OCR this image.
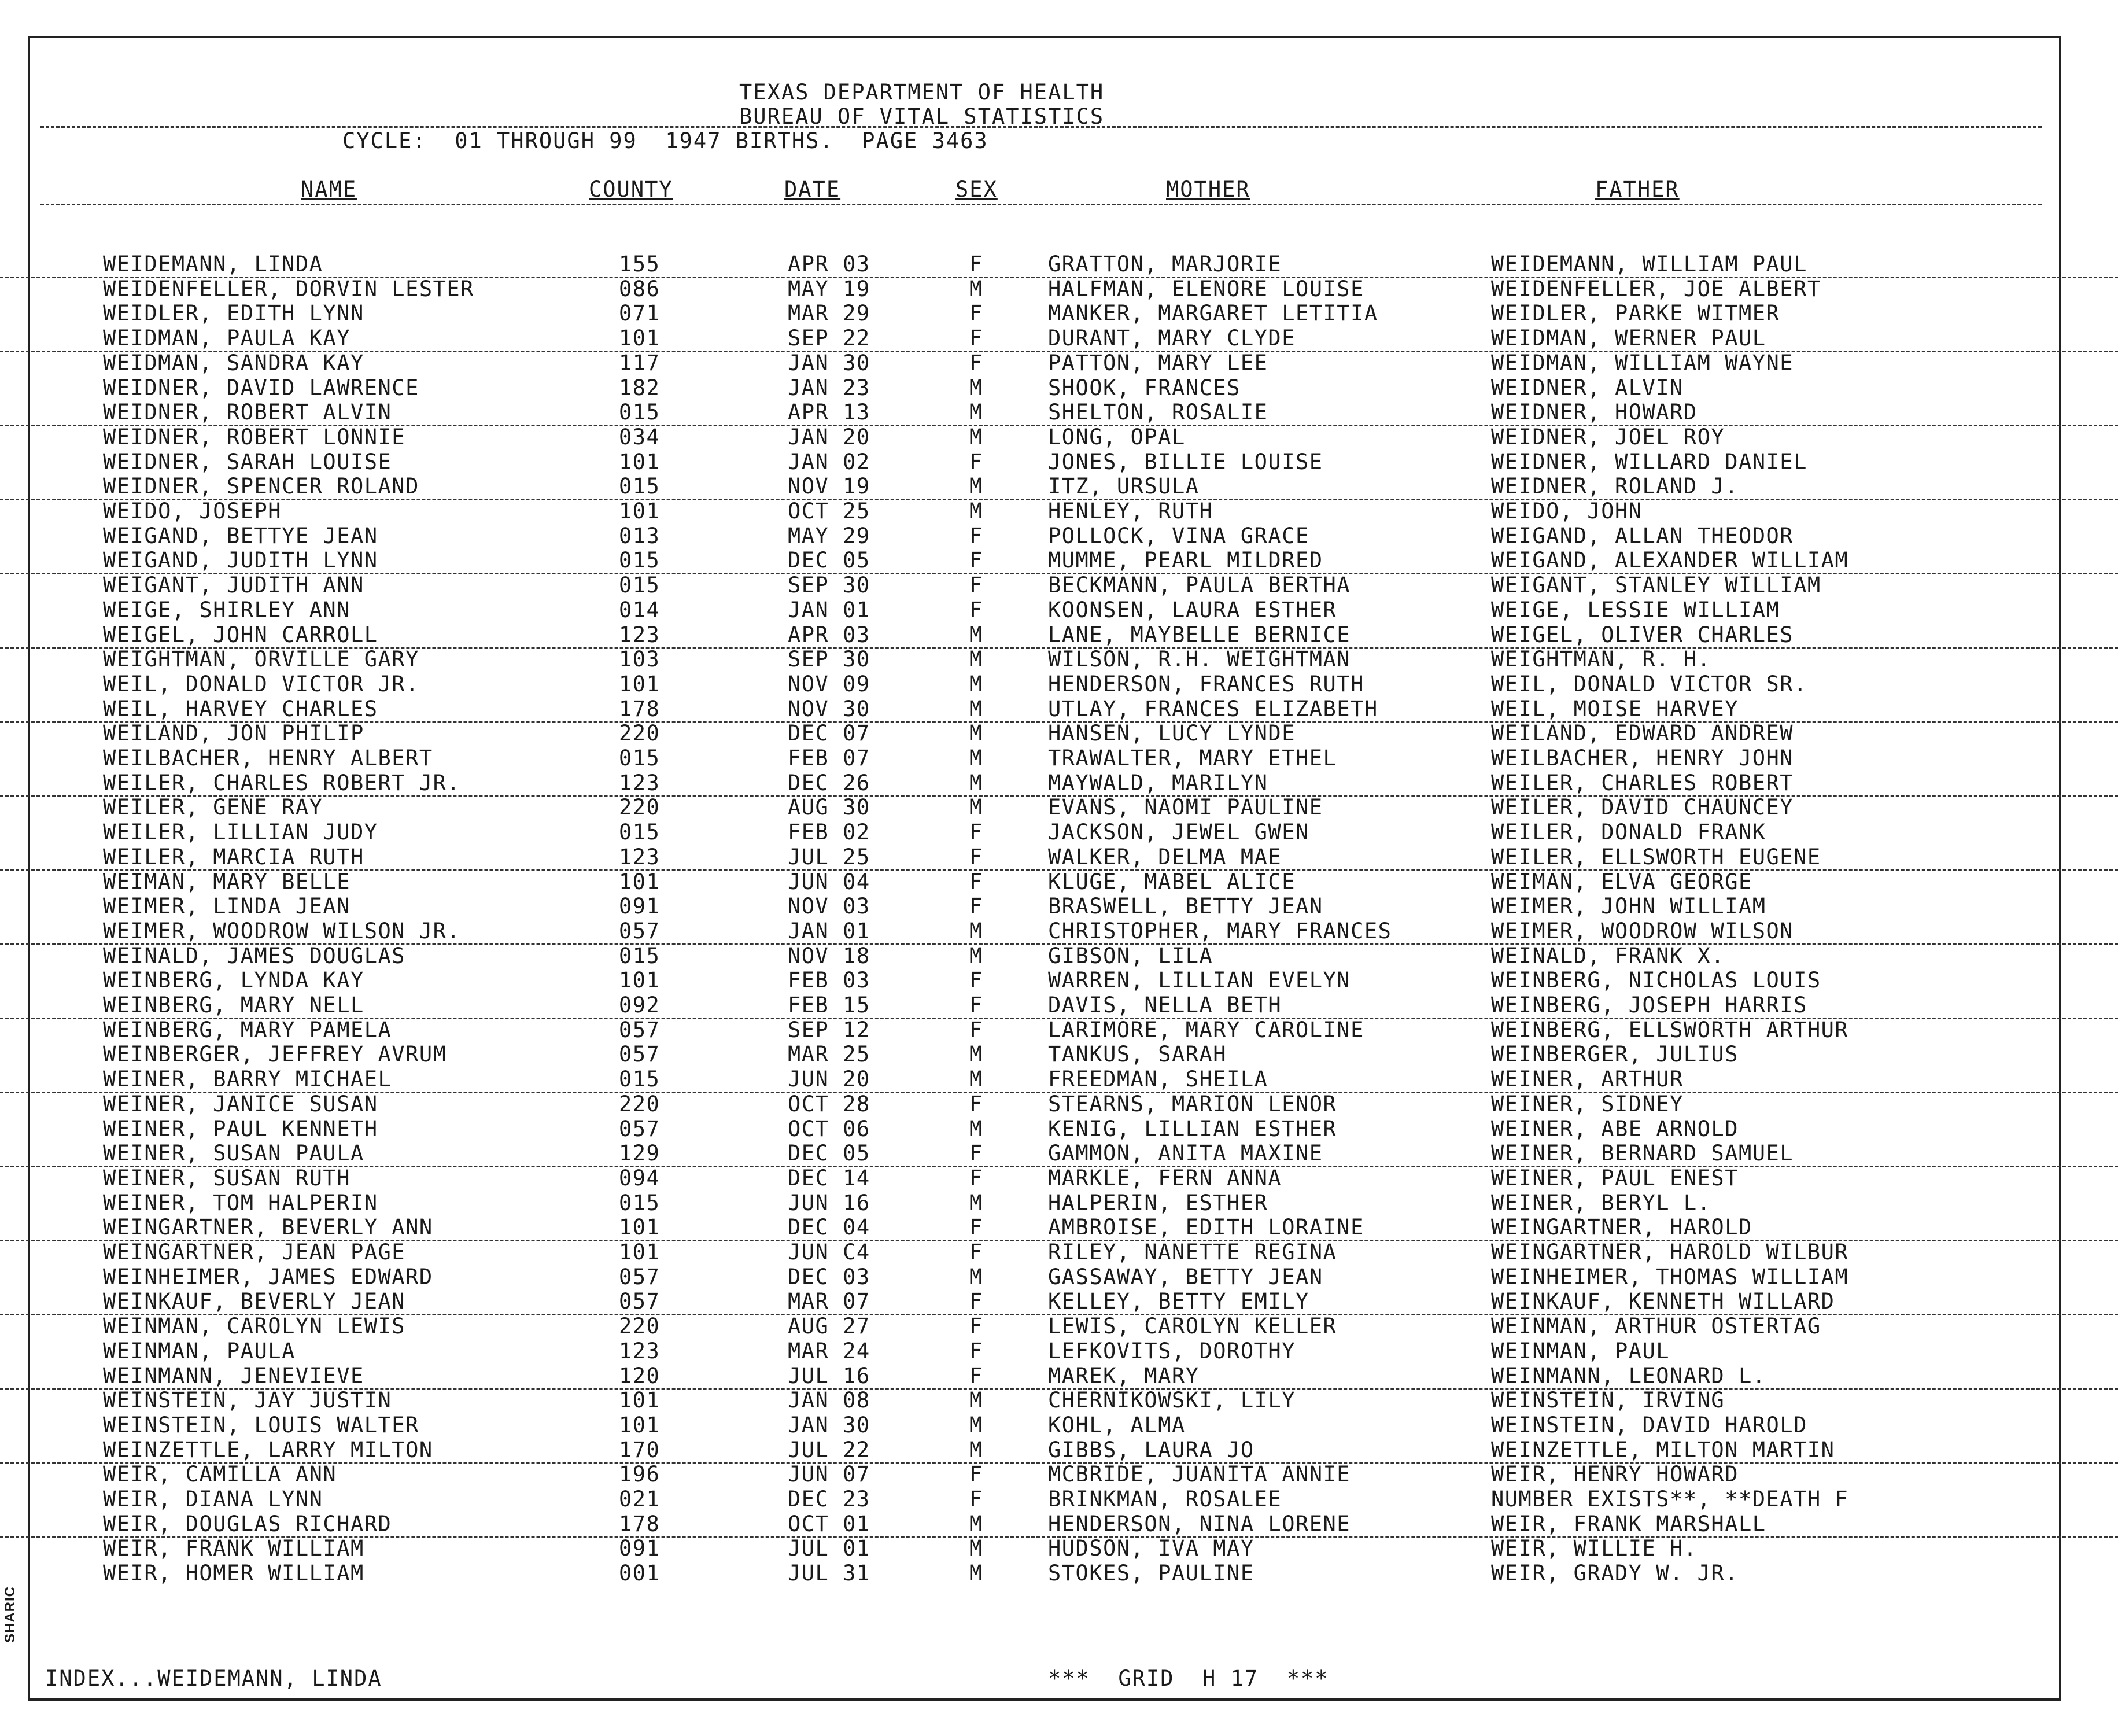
TEXAS DEPARTMENT OF HEALTH
BUREAU OF VITAL STATISTICS
CYCLE:  01 THROUGH 99  1947 BIRTHS.  PAGE 3463
NAME	COUNTY	DATE	SEX	MOTHER	FATHER
WEIDEMANN, LINDA	155	APR 03	F	GRATTON, MARJORIE	WEIDEMANN, WILLIAM PAUL
WEIDENFELLER, DORVIN LESTER	086	MAY 19	M	HALFMAN, ELENORE LOUISE	WEIDENFELLER, JOE ALBERT
WEIDLER, EDITH LYNN	071	MAR 29	F	MANKER, MARGARET LETITIA	WEIDLER, PARKE WITMER
WEIDMAN, PAULA KAY	101	SEP 22	F	DURANT, MARY CLYDE	WEIDMAN, WERNER PAUL
WEIDMAN, SANDRA KAY	117	JAN 30	F	PATTON, MARY LEE	WEIDMAN, WILLIAM WAYNE
WEIDNER, DAVID LAWRENCE	182	JAN 23	M	SHOOK, FRANCES	WEIDNER, ALVIN
WEIDNER, ROBERT ALVIN	015	APR 13	M	SHELTON, ROSALIE	WEIDNER, HOWARD
WEIDNER, ROBERT LONNIE	034	JAN 20	M	LONG, OPAL	WEIDNER, JOEL ROY
WEIDNER, SARAH LOUISE	101	JAN 02	F	JONES, BILLIE LOUISE	WEIDNER, WILLARD DANIEL
WEIDNER, SPENCER ROLAND	015	NOV 19	M	ITZ, URSULA	WEIDNER, ROLAND J.
WEIDO, JOSEPH	101	OCT 25	M	HENLEY, RUTH	WEIDO, JOHN
WEIGAND, BETTYE JEAN	013	MAY 29	F	POLLOCK, VINA GRACE	WEIGAND, ALLAN THEODOR
WEIGAND, JUDITH LYNN	015	DEC 05	F	MUMME, PEARL MILDRED	WEIGAND, ALEXANDER WILLIAM
WEIGANT, JUDITH ANN	015	SEP 30	F	BECKMANN, PAULA BERTHA	WEIGANT, STANLEY WILLIAM
WEIGE, SHIRLEY ANN	014	JAN 01	F	KOONSEN, LAURA ESTHER	WEIGE, LESSIE WILLIAM
WEIGEL, JOHN CARROLL	123	APR 03	M	LANE, MAYBELLE BERNICE	WEIGEL, OLIVER CHARLES
WEIGHTMAN, ORVILLE GARY	103	SEP 30	M	WILSON, R.H. WEIGHTMAN	WEIGHTMAN, R. H.
WEIL, DONALD VICTOR JR.	101	NOV 09	M	HENDERSON, FRANCES RUTH	WEIL, DONALD VICTOR SR.
WEIL, HARVEY CHARLES	178	NOV 30	M	UTLAY, FRANCES ELIZABETH	WEIL, MOISE HARVEY
WEILAND, JON PHILIP	220	DEC 07	M	HANSEN, LUCY LYNDE	WEILAND, EDWARD ANDREW
WEILBACHER, HENRY ALBERT	015	FEB 07	M	TRAWALTER, MARY ETHEL	WEILBACHER, HENRY JOHN
WEILER, CHARLES ROBERT JR.	123	DEC 26	M	MAYWALD, MARILYN	WEILER, CHARLES ROBERT
WEILER, GENE RAY	220	AUG 30	M	EVANS, NAOMI PAULINE	WEILER, DAVID CHAUNCEY
WEILER, LILLIAN JUDY	015	FEB 02	F	JACKSON, JEWEL GWEN	WEILER, DONALD FRANK
WEILER, MARCIA RUTH	123	JUL 25	F	WALKER, DELMA MAE	WEILER, ELLSWORTH EUGENE
WEIMAN, MARY BELLE	101	JUN 04	F	KLUGE, MABEL ALICE	WEIMAN, ELVA GEORGE
WEIMER, LINDA JEAN	091	NOV 03	F	BRASWELL, BETTY JEAN	WEIMER, JOHN WILLIAM
WEIMER, WOODROW WILSON JR.	057	JAN 01	M	CHRISTOPHER, MARY FRANCES	WEIMER, WOODROW WILSON
WEINALD, JAMES DOUGLAS	015	NOV 18	M	GIBSON, LILA	WEINALD, FRANK X.
WEINBERG, LYNDA KAY	101	FEB 03	F	WARREN, LILLIAN EVELYN	WEINBERG, NICHOLAS LOUIS
WEINBERG, MARY NELL	092	FEB 15	F	DAVIS, NELLA BETH	WEINBERG, JOSEPH HARRIS
WEINBERG, MARY PAMELA	057	SEP 12	F	LARIMORE, MARY CAROLINE	WEINBERG, ELLSWORTH ARTHUR
WEINBERGER, JEFFREY AVRUM	057	MAR 25	M	TANKUS, SARAH	WEINBERGER, JULIUS
WEINER, BARRY MICHAEL	015	JUN 20	M	FREEDMAN, SHEILA	WEINER, ARTHUR
WEINER, JANICE SUSAN	220	OCT 28	F	STEARNS, MARION LENOR	WEINER, SIDNEY
WEINER, PAUL KENNETH	057	OCT 06	M	KENIG, LILLIAN ESTHER	WEINER, ABE ARNOLD
WEINER, SUSAN PAULA	129	DEC 05	F	GAMMON, ANITA MAXINE	WEINER, BERNARD SAMUEL
WEINER, SUSAN RUTH	094	DEC 14	F	MARKLE, FERN ANNA	WEINER, PAUL ENEST
WEINER, TOM HALPERIN	015	JUN 16	M	HALPERIN, ESTHER	WEINER, BERYL L.
WEINGARTNER, BEVERLY ANN	101	DEC 04	F	AMBROISE, EDITH LORAINE	WEINGARTNER, HAROLD
WEINGARTNER, JEAN PAGE	101	JUN C4	F	RILEY, NANETTE REGINA	WEINGARTNER, HAROLD WILBUR
WEINHEIMER, JAMES EDWARD	057	DEC 03	M	GASSAWAY, BETTY JEAN	WEINHEIMER, THOMAS WILLIAM
WEINKAUF, BEVERLY JEAN	057	MAR 07	F	KELLEY, BETTY EMILY	WEINKAUF, KENNETH WILLARD
WEINMAN, CAROLYN LEWIS	220	AUG 27	F	LEWIS, CAROLYN KELLER	WEINMAN, ARTHUR OSTERTAG
WEINMAN, PAULA	123	MAR 24	F	LEFKOVITS, DOROTHY	WEINMAN, PAUL
WEINMANN, JENEVIEVE	120	JUL 16	F	MAREK, MARY	WEINMANN, LEONARD L.
WEINSTEIN, JAY JUSTIN	101	JAN 08	M	CHERNIKOWSKI, LILY	WEINSTEIN, IRVING
WEINSTEIN, LOUIS WALTER	101	JAN 30	M	KOHL, ALMA	WEINSTEIN, DAVID HAROLD
WEINZETTLE, LARRY MILTON	170	JUL 22	M	GIBBS, LAURA JO	WEINZETTLE, MILTON MARTIN
WEIR, CAMILLA ANN	196	JUN 07	F	MCBRIDE, JUANITA ANNIE	WEIR, HENRY HOWARD
WEIR, DIANA LYNN	021	DEC 23	F	BRINKMAN, ROSALEE	NUMBER EXISTS**, **DEATH F
WEIR, DOUGLAS RICHARD	178	OCT 01	M	HENDERSON, NINA LORENE	WEIR, FRANK MARSHALL
WEIR, FRANK WILLIAM	091	JUL 01	M	HUDSON, IVA MAY	WEIR, WILLIE H.
WEIR, HOMER WILLIAM	001	JUL 31	M	STOKES, PAULINE	WEIR, GRADY W. JR.
INDEX...WEIDEMANN, LINDA	***  GRID  H 17  ***
SHARIC
